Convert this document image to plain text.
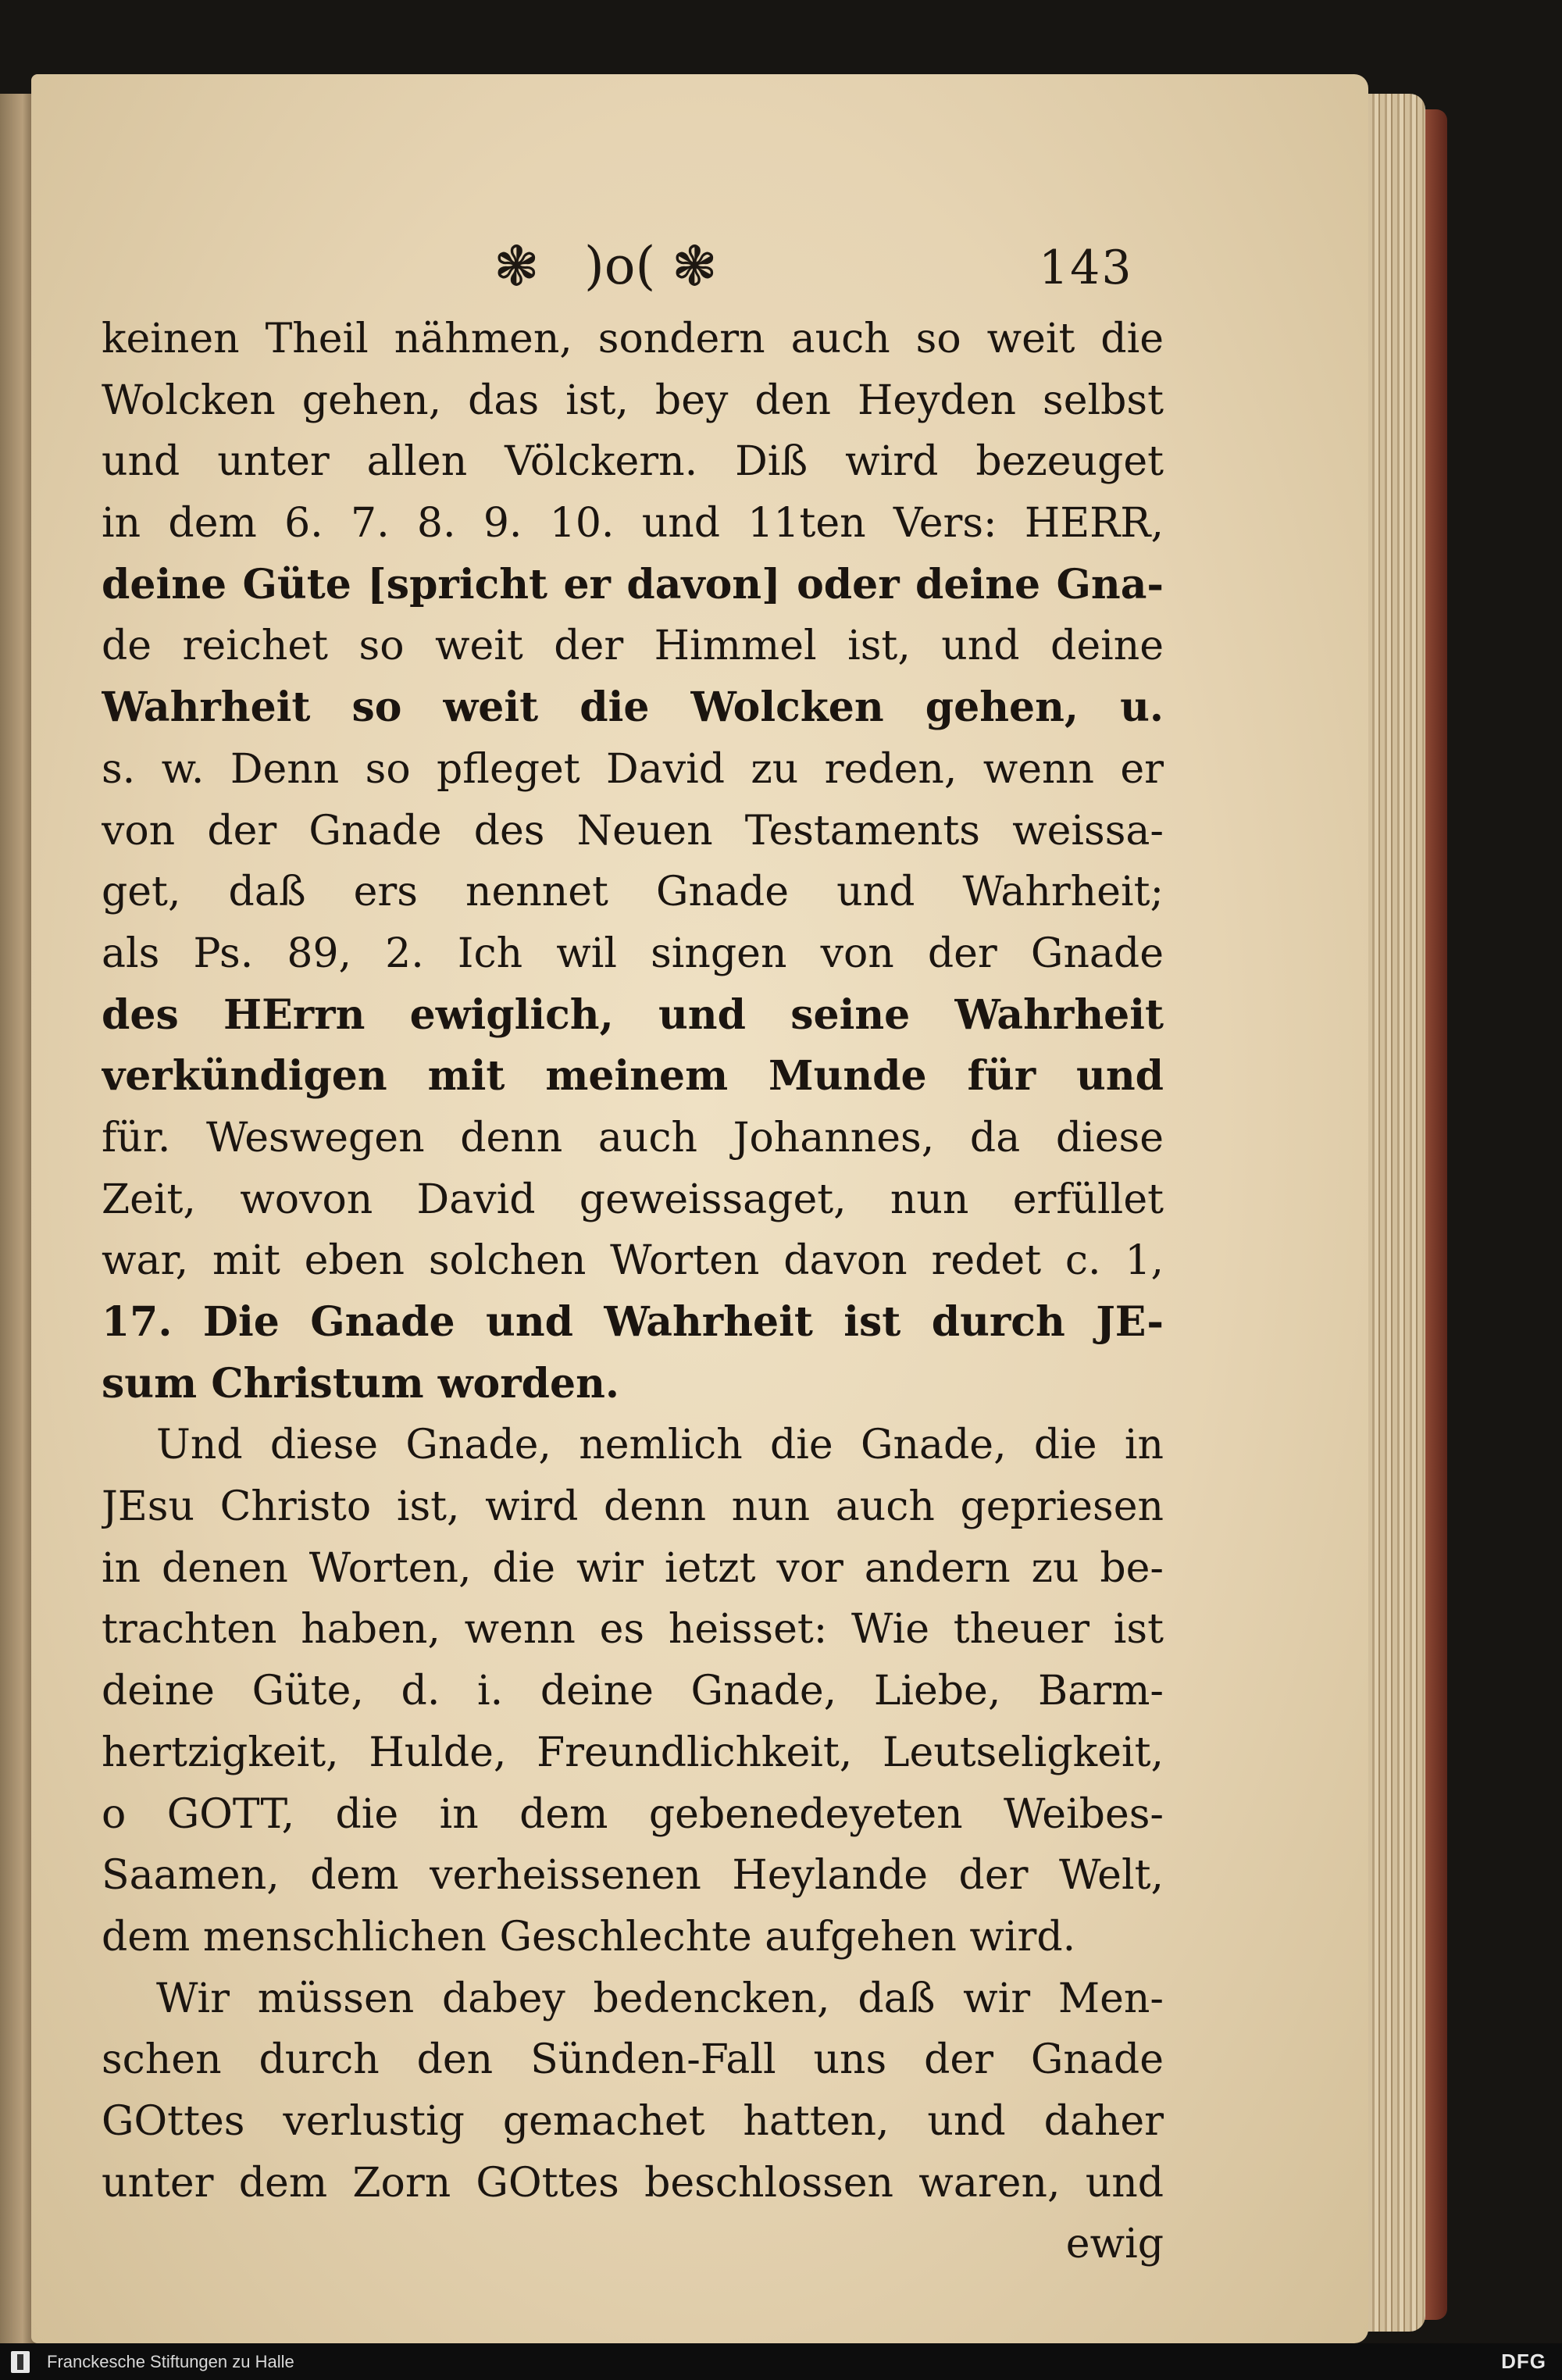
❃ )o( ❃	143
keinen Theil nähmen, sondern auch so weit die
Wolcken gehen, das ist, bey den Heyden selbst
und unter allen Völckern. Diß wird bezeuget
in dem 6. 7. 8. 9. 10. und 11ten Vers: HERR,
deine Güte [spricht er davon] oder deine Gna-
de reichet so weit der Himmel ist, und deine
Wahrheit so weit die Wolcken gehen, u.
s. w. Denn so pfleget David zu reden, wenn er
von der Gnade des Neuen Testaments weissa-
get, daß ers nennet Gnade und Wahrheit;
als Ps. 89, 2. Ich wil singen von der Gnade
des HErrn ewiglich, und seine Wahrheit
verkündigen mit meinem Munde für und
für. Weswegen denn auch Johannes, da diese
Zeit, wovon David geweissaget, nun erfüllet
war, mit eben solchen Worten davon redet c. 1,
17. Die Gnade und Wahrheit ist durch JE-
sum Christum worden.
Und diese Gnade, nemlich die Gnade, die in
JEsu Christo ist, wird denn nun auch gepriesen
in denen Worten, die wir ietzt vor andern zu be-
trachten haben, wenn es heisset: Wie theuer ist
deine Güte, d. i. deine Gnade, Liebe, Barm-
hertzigkeit, Hulde, Freundlichkeit, Leutseligkeit,
o GOTT, die in dem gebenedeyeten Weibes-
Saamen, dem verheissenen Heylande der Welt,
dem menschlichen Geschlechte aufgehen wird.
Wir müssen dabey bedencken, daß wir Men-
schen durch den Sünden-Fall uns der Gnade
GOttes verlustig gemachet hatten, und daher
unter dem Zorn GOttes beschlossen waren, und
ewig
Franckesche Stiftungen zu Halle	DFG
